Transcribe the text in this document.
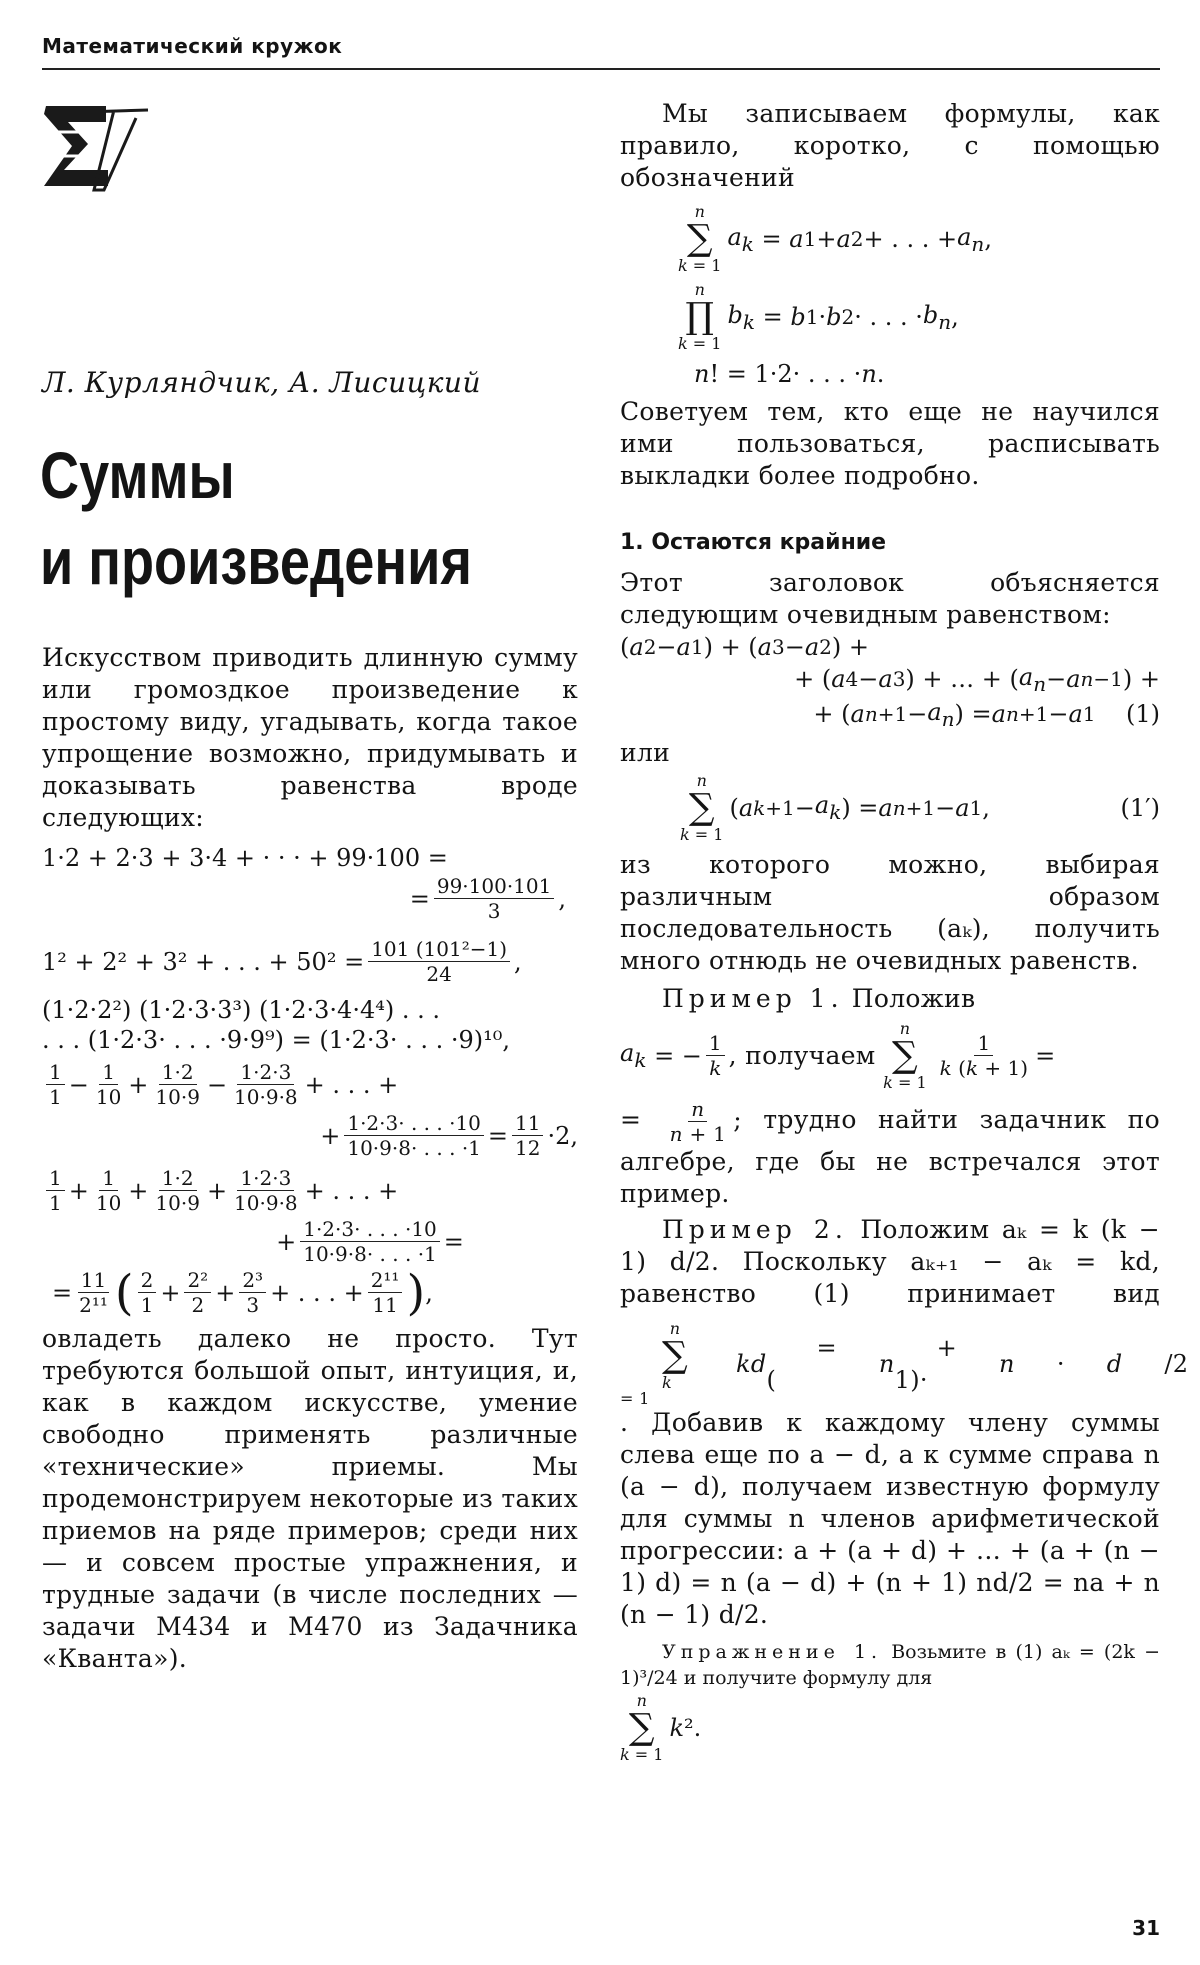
Математический кружок
Л. Курляндчик, А. Лисицкий
Суммы
и произведения

Искусством приводить длинную сумму или громоздкое произведение к простому виду, угадывать, когда такое упрощение возможно, придумывать и доказывать равенства вроде следующих:

1·2 + 2·3 + 3·4 + · · · + 99·100 =
= $\frac{99\cdot 100\cdot 101}{3}$ ,
1² + 2² + 3² + . . . + $50^2 = \frac{\text{101 (101²−1)}}{24}$ ,
(1·2·2²) (1·2·3·3³) (1·2·3·4·4⁴) . . .
. . . (1·2·3· . . . ·9·9⁹) = (1·2·3· . . . ·9)¹⁰,
$\frac{1}{1} - \frac{1}{10} + \frac{1\cdot 2}{10\cdot 9} - \frac{1\cdot 2\cdot 3}{10\cdot 9\cdot 8}$ + . . . +
+ $\frac{1\cdot 2\cdot 3\cdot . . . \cdot 10}{10\cdot 9\cdot 8\cdot . . . \cdot 1} = \frac{11}{12} \cdot 2$,
$\frac{1}{1} + \frac{1}{10} + \frac{1\cdot 2}{10\cdot 9} + \frac{1\cdot 2\cdot 3}{10\cdot 9\cdot 8}$ + . . . +
+ $\frac{1\cdot 2\cdot 3\cdot . . . \cdot 10}{10\cdot 9\cdot 8\cdot . . . \cdot 1}$ =
= $\frac{11}{\text{2¹¹}}$ ( $\frac{2}{1} + \frac{\text{2²}}{2} + \frac{\text{2³}}{3}$ + . . . + $\frac{\text{2¹¹}}{11}$ ) ,

овладеть далеко не просто. Тут требуются большой опыт, интуиция, и, как в каждом искусстве, умение свободно применять различные «технические» приемы. Мы продемонстрируем некоторые из таких приемов на ряде примеров; среди них — и совсем простые упражнения, и трудные задачи (в числе последних — задачи М434 и М470 из Задачника «Кванта»).

Мы записываем формулы, как правило, коротко, с помощью обозначений

n
∑
k = 1
$a_k = a$ 1 + a 2 + . . . + $a_n$ ,
n
∏
k = 1
$b_k = b$ 1 · b 2 · . . . · $b_n$ ,
n ! = 1·2· . . . · n .

Советуем тем, кто еще не научился ими пользоваться, расписывать выкладки более подробно.

1. Остаются крайние

Этот заголовок объясняется следующим очевидным равенством:

( a 2 − a 1 ) + ( a 3 − a 2 ) +
+ ( a 4 − a 3 ) + … + ( $a_n - a$ n−1 ) +
+ ( a $n+1 - a_n$ ) = a n+1 − a 1 (1)

или

n
∑
k = 1
( a $k+1 - a_k$ ) = a n+1 − a 1 ,	(1′)

из которого можно, выбирая различным образом последовательность (aₖ), получить много отнюдь не очевидных равенств.

Пример 1. Положив
$a_k$ = − $\frac{1}{k}$ , получаем

n
∑
k = 1
$\frac{1}{k (k + 1)}$ =
= $\frac{n}{n + 1}$ ; трудно найти задачник по алгебре, где бы не встречался этот пример.
Пример 2. Положим aₖ = k (k − 1) d/2. Поскольку aₖ₊₁ − aₖ = kd, равенство (1) принимает вид
n
∑
k = 1
kd
= (
n
+ 1)·
n ·	d /2 . Добавив к каждому члену суммы слева еще по a − d, а к сумме справа n (a − d), получаем известную формулу для суммы n членов арифметической прогрессии: a + (a + d) + … + (a + (n − 1) d) = n (a − d) + (n + 1) nd/2 = na + n (n − 1) d/2.
Упражнение 1. Возьмите в (1) aₖ = (2k − 1)³/24 и получите формулу для
n
∑
k = 1
k ².
31
